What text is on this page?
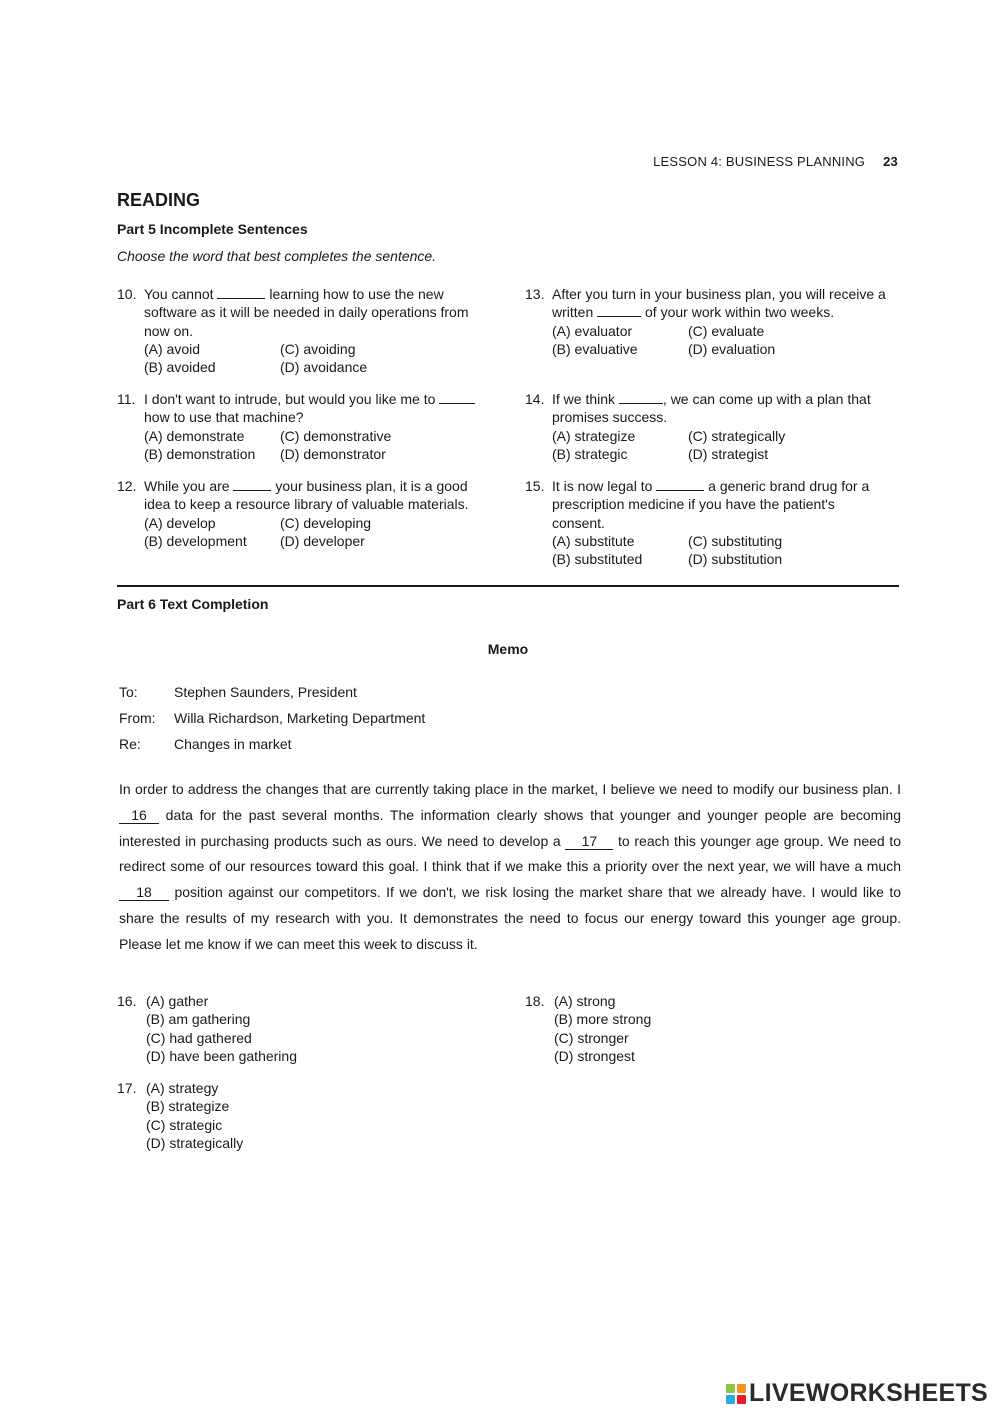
LESSON 4: BUSINESS PLANNING 23
READING
Part 5 Incomplete Sentences
Choose the word that best completes the sentence.
10. You cannot	learning how to use the new software as it will be needed in daily operations from now on.
(A) avoid	(C) avoiding
(B) avoided	(D) avoidance
11. I don't want to intrude, but would you like me to  how to use that machine?
(A) demonstrate	(C) demonstrative
(B) demonstration	(D) demonstrator
12. While you are	your business plan, it is a good idea to keep a resource library of valuable materials.
(A) develop	(C) developing
(B) development	(D) developer
13. After you turn in your business plan, you will receive a written	of your work within two weeks.
(A) evaluator	(C) evaluate
(B) evaluative	(D) evaluation
14. If we think	, we can come up with a plan that promises success.
(A) strategize	(C) strategically
(B) strategic	(D) strategist
15. It is now legal to	a generic brand drug for a prescription medicine if you have the patient's consent.
(A) substitute	(C) substituting
(B) substituted	(D) substitution
Part 6 Text Completion
Memo
To:	Stephen Saunders, President
From: Willa Richardson, Marketing Department
Re: Changes in market
In order to address the changes that are currently taking place in the market, I believe we need to modify our business plan. I 16 data for the past several months. The information clearly shows that younger and younger people are becoming interested in purchasing products such as ours. We need to develop a 17 to reach this younger age group. We need to redirect some of our resources toward this goal. I think that if we make this a priority over the next year, we will have a much 18 position against our competitors. If we don't, we risk losing the market share that we already have. I would like to share the results of my research with you. It demonstrates the need to focus our energy toward this younger age group. Please let me know if we can meet this week to discuss it.
16. (A) gather
(B) am gathering
(C) had gathered
(D) have been gathering
17. (A) strategy
(B) strategize
(C) strategic
(D) strategically
18. (A) strong
(B) more strong
(C) stronger
(D) strongest
LIVEWORKSHEETS
